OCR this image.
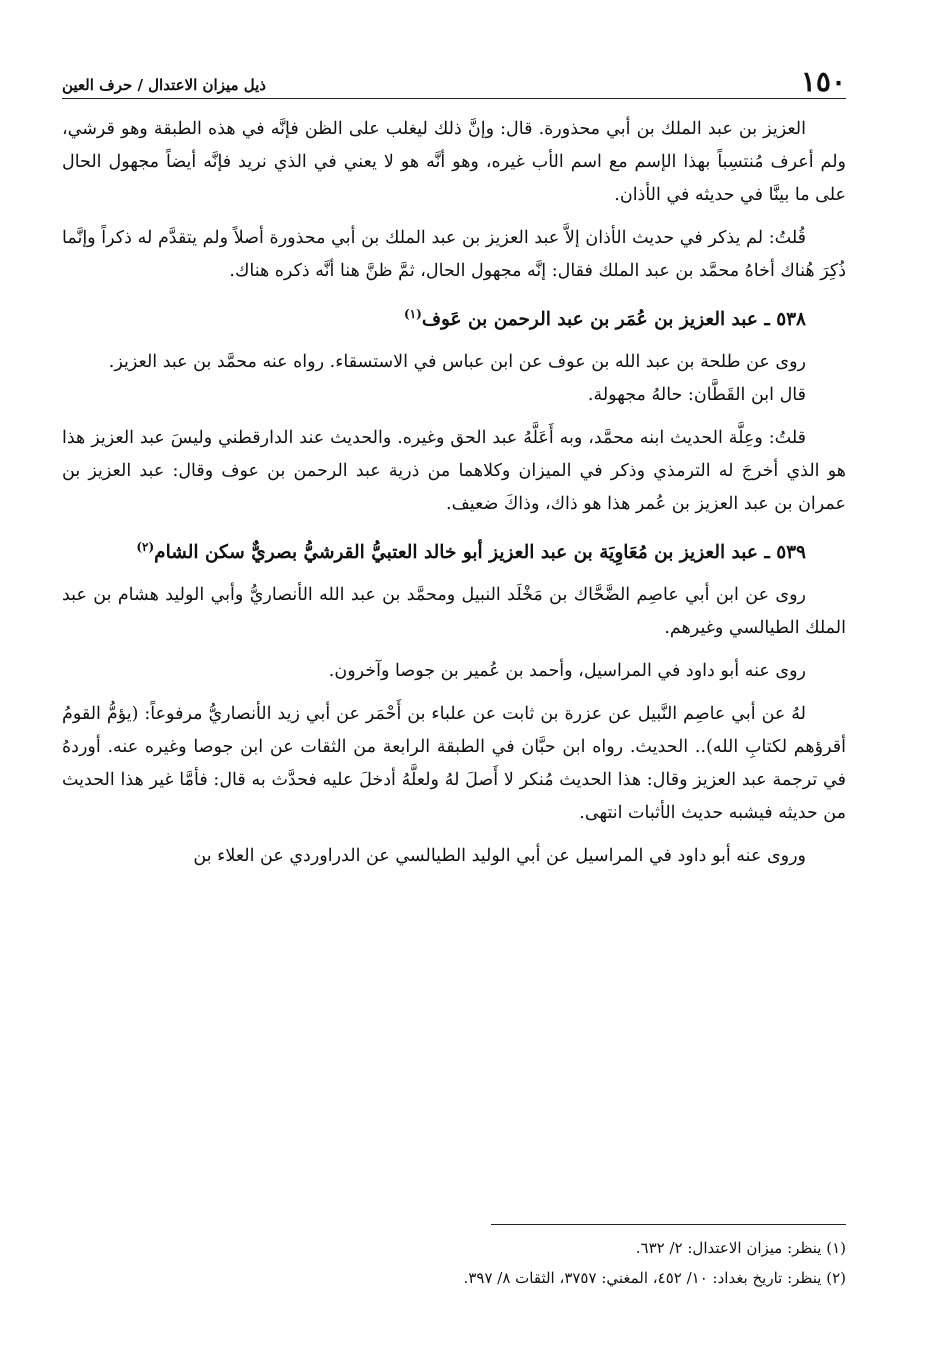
١٥٠
ذيل ميزان الاعتدال / حرف العين

العزيز بن عبد الملك بن أبي محذورة. قال: وإنَّ ذلك ليغلب على الظن فإنَّه في هذه الطبقة وهو قرشي، ولم أعرف مُنتسِباً بهذا الإسم مع اسم الأب غيره، وهو أنَّه هو لا يعني في الذي نريد فإنَّه أيضاً مجهول الحال على ما بينَّا في حديثه في الأذان.

قُلتُ: لم يذكر في حديث الأذان إلاَّ عبد العزيز بن عبد الملك بن أبي محذورة أصلاً ولم يتقدَّم له ذكراً وإنَّما ذُكِرَ هُناك أخاهُ محمَّد بن عبد الملك فقال: إنَّه مجهول الحال، ثمَّ ظنَّ هنا أنَّه ذكره هناك.

٥٣٨ ـ عبد العزيز بن عُمَر بن عبد الرحمن بن عَوف$^{(١)}$

روى عن طلحة بن عبد الله بن عوف عن ابن عباس في الاستسقاء. رواه عنه محمَّد بن عبد العزيز.

قال ابن القَطَّان: حالهُ مجهولة.

قلتُ: وعِلَّة الحديث ابنه محمَّد، وبه أَعَلَّهُ عبد الحق وغيره. والحديث عند الدارقطني وليسَ عبد العزيز هذا هو الذي أخرجَ له الترمذي وذكر في الميزان وكلاهما من ذرية عبد الرحمن بن عوف وقال: عبد العزيز بن عمران بن عبد العزيز بن عُمر هذا هو ذاك، وذاكَ ضعيف.

٥٣٩ ـ عبد العزيز بن مُعَاوِيَة بن عبد العزيز أبو خالد العتبيُّ القرشيُّ بصريٌّ سكن الشام$^{(٢)}$

روى عن ابن أبي عاصِم الضَّحَّاك بن مَخْلَد النبيل ومحمَّد بن عبد الله الأنصاريُّ وأبي الوليد هشام بن عبد الملك الطيالسي وغيرهم.

روى عنه أبو داود في المراسيل، وأحمد بن عُمير بن جوصا وآخرون.

لهُ عن أبي عاصِم النَّبيل عن عزرة بن ثابت عن علباء بن أَحْمَر عن أبي زيد الأنصاريُّ مرفوعاً: (يؤمُّ القومُ أقرؤهم لكتابِ الله).. الحديث. رواه ابن حبَّان في الطبقة الرابعة من الثقات عن ابن جوصا وغيره عنه. أوردهُ في ترجمة عبد العزيز وقال: هذا الحديث مُنكر لا أَصلَ لهُ ولعلَّهُ أدخلَ عليه فحدَّث به قال: فأمَّا غير هذا الحديث من حديثه فيشبه حديث الأثبات انتهى.

وروى عنه أبو داود في المراسيل عن أبي الوليد الطيالسي عن الدراوردي عن العلاء بن

(١) ينظر: ميزان الاعتدال: ٢/ ٦٣٢.

(٢) ينظر: تاريخ بغداد: ١٠/ ٤٥٢، المغني: ٣٧٥٧، الثقات ٨/ ٣٩٧.
